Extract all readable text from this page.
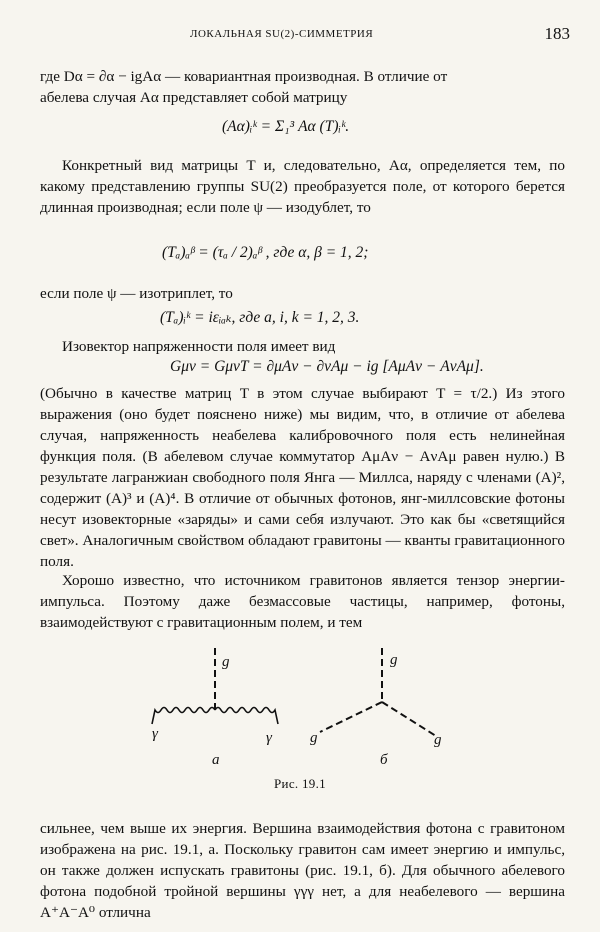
ЛОКАЛЬНАЯ SU(2)-СИММЕТРИЯ	183
где Dα = ∂α − igAα — ковариантная производная. В отличие от
абелева случая Aα представляет собой матрицу
(Aα)ᵢᵏ = Σ₁³ Aα (T)ᵢᵏ.
Конкретный вид матрицы T и, следовательно, Aα, определяется тем, по какому представлению группы SU(2) преобразуется поле, от которого берется длинная производная; если поле ψ — изодублет, то
(Tₐ)ₐᵝ = (τₐ / 2)ₐᵝ , где α, β = 1, 2;
если поле ψ — изотриплет, то
(Tₐ)ᵢᵏ = iεᵢₐₖ, где a, i, k = 1, 2, 3.
Изовектор напряженности поля имеет вид
Gμν = GμνT = ∂μAν − ∂νAμ − ig [AμAν − AνAμ].
(Обычно в качестве матриц T в этом случае выбирают T = τ/2.) Из этого выражения (оно будет пояснено ниже) мы видим, что, в отличие от абелева случая, напряженность неабелева калибровочного поля есть нелинейная функция поля. (В абелевом случае коммутатор AμAν − AνAμ равен нулю.) В результате лагранжиан свободного поля Янга — Миллса, наряду с членами (A)², содержит (A)³ и (A)⁴. В отличие от обычных фотонов, янг-миллсовские фотоны несут изовекторные «заряды» и сами себя излучают. Это как бы «светящийся свет». Аналогичным свойством обладают гравитоны — кванты гравитационного поля.
Хорошо известно, что источником гравитонов является тензор энергии-импульса. Поэтому даже безмассовые частицы, например, фотоны, взаимодействуют с гравитационным полем, и тем
g
γ	γ
а
g
g	g
б
Рис. 19.1
сильнее, чем выше их энергия. Вершина взаимодействия фотона с гравитоном изображена на рис. 19.1, а. Поскольку гравитон сам имеет энергию и импульс, он также должен испускать гравитоны (рис. 19.1, б). Для обычного абелевого фотона подобной тройной вершины γγγ нет, а для неабелевого — вершина A⁺A⁻A⁰ отлична
